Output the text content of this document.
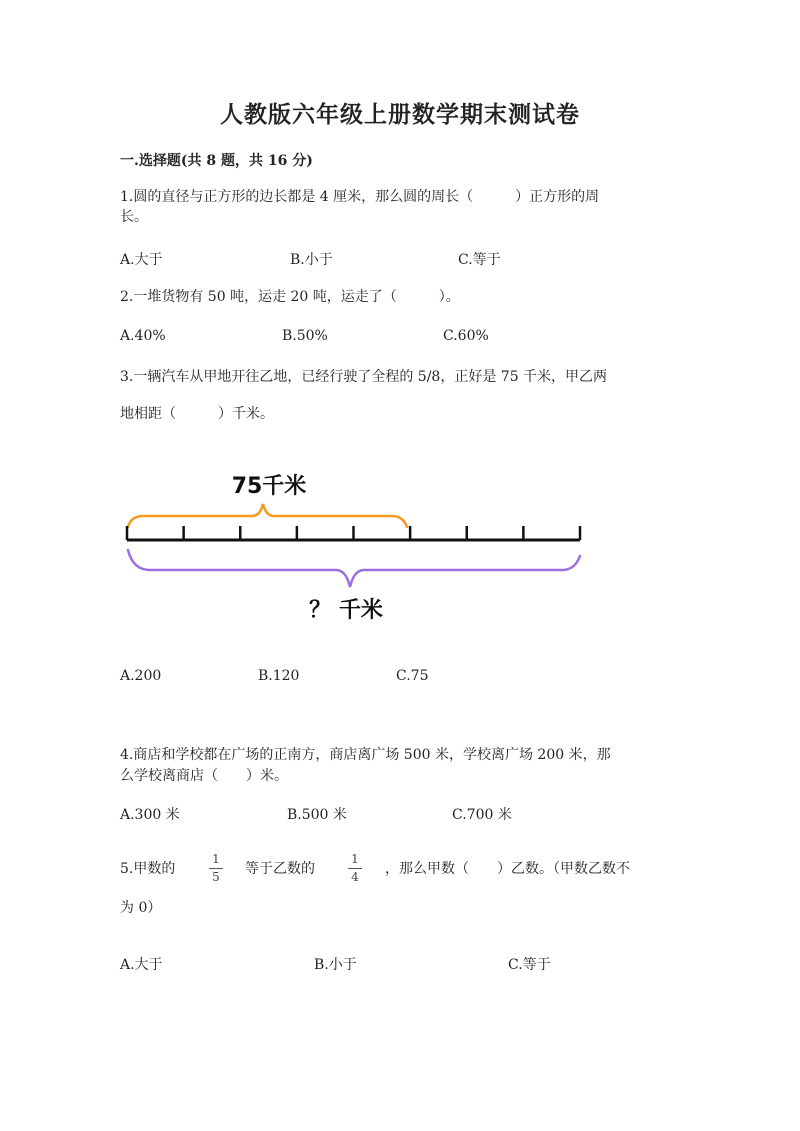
人教版六年级上册数学期末测试卷
一.选择题(共 8 题，共 16 分)
1.圆的直径与正方形的边长都是 4 厘米，那么圆的周长（　　　）正方形的周
长。
A.大于	B.小于	C.等于
2.一堆货物有 50 吨，运走 20 吨，运走了（　　　）。
A.40%	B.50%	C.60%
3.一辆汽车从甲地开往乙地，已经行驶了全程的 5/8，正好是 75 千米，甲乙两
地相距（　　　）千米。
75千米
？ 千米
A.200	B.120	C.75
4.商店和学校都在广场的正南方，商店离广场 500 米，学校离广场 200 米，那
么学校离商店（　　）米。
A.300 米	B.500 米	C.700 米
5.甲数的
1
5 等于乙数的
1
4 ，那么甲数（　　）乙数。（甲数乙数不
为 0）
A.大于	B.小于	C.等于
